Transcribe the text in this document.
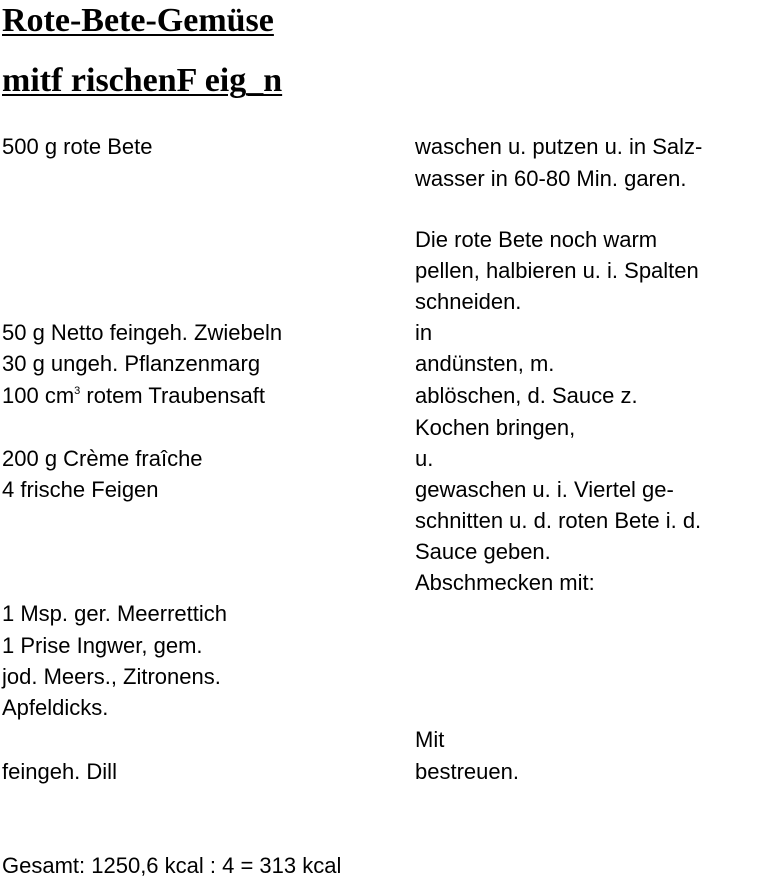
Rote-Bete-Gemüse
mitf rischenF eig_n

500 g rote Bete

50 g Netto feingeh. Zwiebeln

30 g ungeh. Pflanzenmarg

100 $cm^3$ rotem Traubensaft

200 g Crème fraîche

4 frische Feigen

1 Msp. ger. Meerrettich

1 Prise Ingwer, gem.

jod. Meers., Zitronens.

Apfeldicks.

feingeh. Dill

waschen u. putzen u. in Salz-

wasser in 60-80 Min. garen.

Die rote Bete noch warm

pellen, halbieren u. i. Spalten

schneiden.

in

andünsten, m.

ablöschen, d. Sauce z.

Kochen bringen,

u.

gewaschen u. i. Viertel ge-

schnitten u. d. roten Bete i. d.

Sauce geben.

Abschmecken mit:

Mit

bestreuen.

Gesamt: 1250,6 kcal : 4 = 313 kcal
